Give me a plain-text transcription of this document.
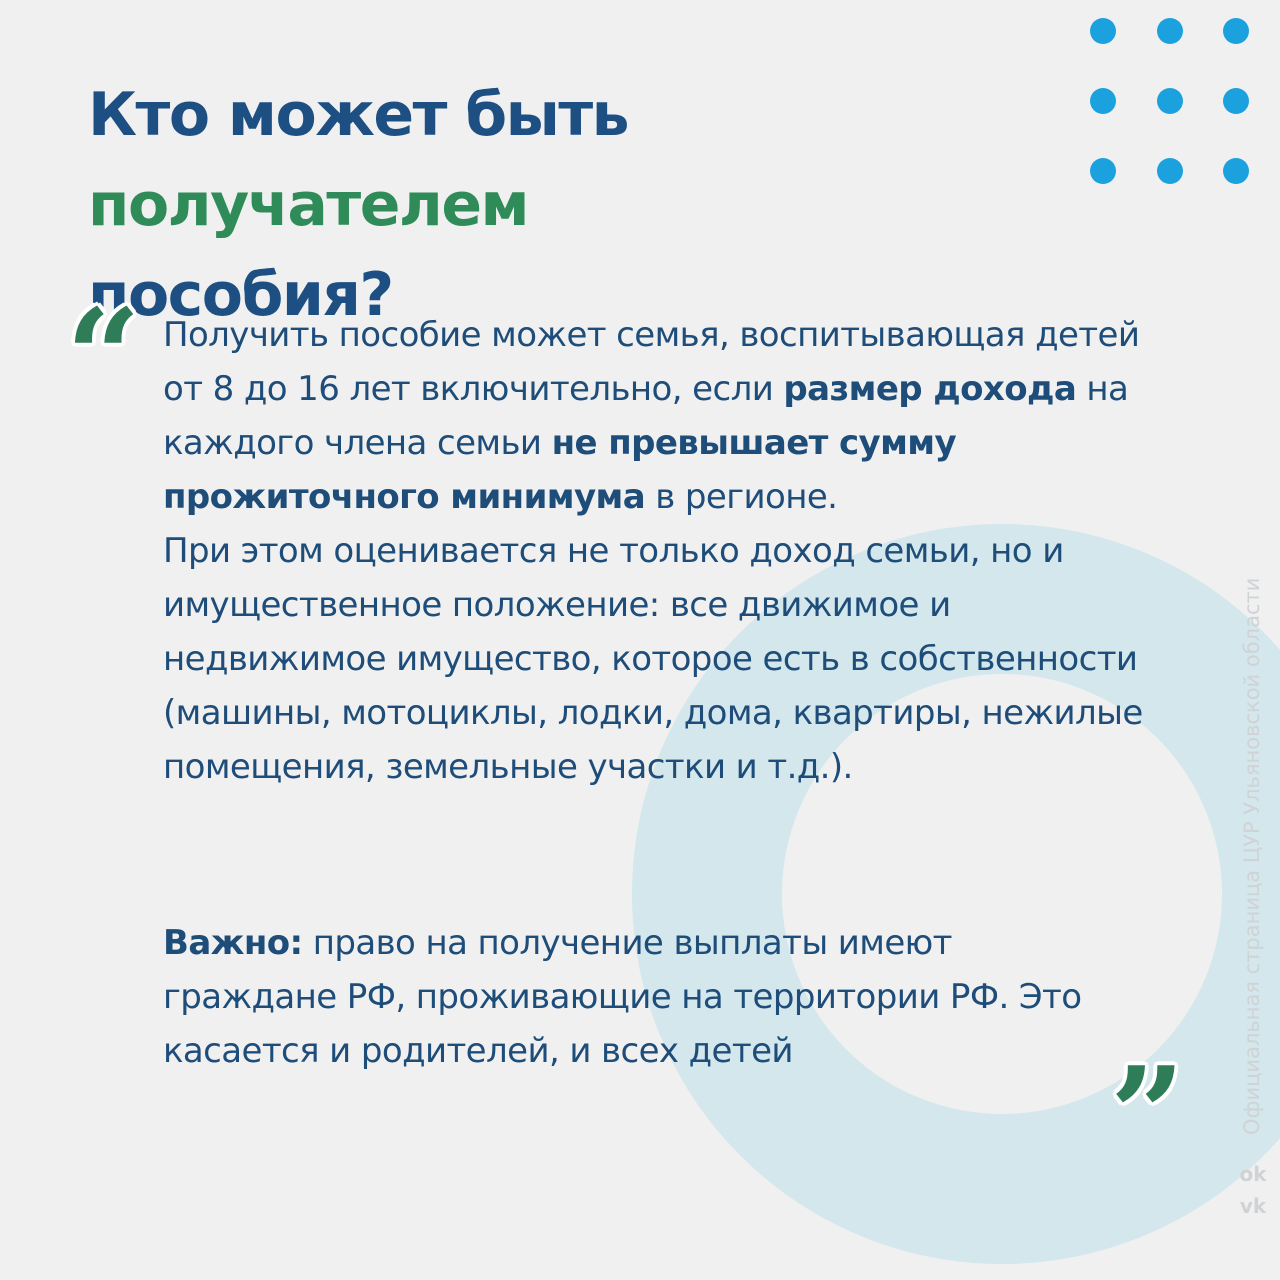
Кто может быть получателем
пособия?
“ Получить пособие может семья, воспитывающая детей от 8 до 16 лет включительно, если размер дохода на каждого члена семьи не превышает сумму прожиточного минимума в регионе.
При этом оценивается не только доход семьи, но и имущественное положение: все движимое и недвижимое имущество, которое есть в собственности (машины, мотоциклы, лодки, дома, квартиры, нежилые помещения, земельные участки и т.д.).

Важно: право на получение выплаты имеют граждане РФ, проживающие на территории РФ. Это касается и родителей, и всех детей	”	Официальная страница ЦУР Ульяновской области
ok
vk
